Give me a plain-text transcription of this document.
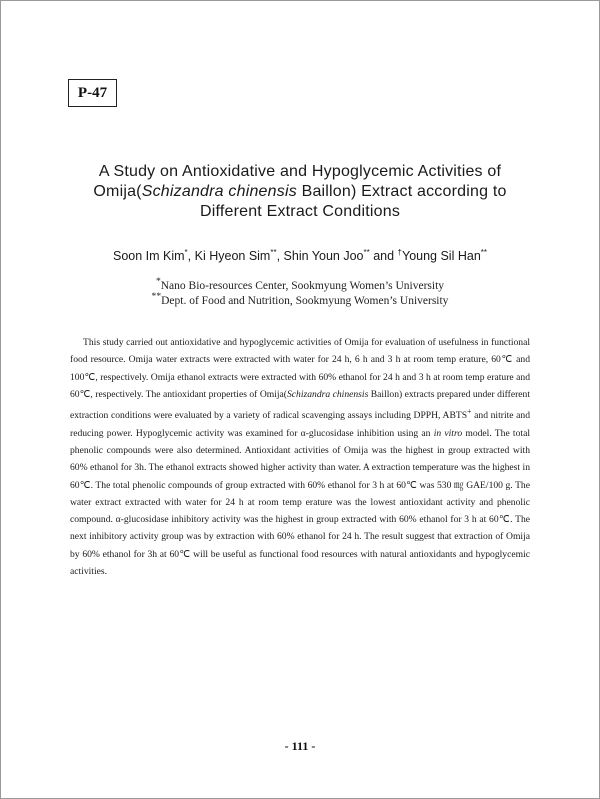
P-47
A Study on Antioxidative and Hypoglycemic Activities of
Omija(Schizandra chinensis Baillon) Extract according to
Different Extract Conditions
Soon Im Kim*, Ki Hyeon Sim**, Shin Youn Joo** and †Young Sil Han**
*Nano Bio-resources Center, Sookmyung Women’s University
**Dept. of Food and Nutrition, Sookmyung Women’s University
This study carried out antioxidative and hypoglycemic activities of Omija for evaluation of usefulness in functional food resource. Omija water extracts were extracted with water for 24 h, 6 h and 3 h at room temp erature, 60℃ and 100℃, respectively. Omija ethanol extracts were extracted with 60% ethanol for 24 h and 3 h at room temp erature and 60℃, respectively. The antioxidant properties of Omija(Schizandra chinensis Baillon) extracts prepared under different extraction conditions were evaluated by a variety of radical scavenging assays including DPPH, ABTS+ and nitrite and reducing power. Hypoglycemic activity was examined for α-glucosidase inhibition using an in vitro model. The total phenolic compounds were also determined. Antioxidant activities of Omija was the highest in group extracted with 60% ethanol for 3h. The ethanol extracts showed higher activity than water. A extraction temperature was the highest in 60℃. The total phenolic compounds of group extracted with 60% ethanol for 3 h at 60℃ was 530 ㎎ GAE/100 g. The water extract extracted with water for 24 h at room temp erature was the lowest antioxidant activity and phenolic compound. α-glucosidase inhibitory activity was the highest in group extracted with 60% ethanol for 3 h at 60℃. The next inhibitory activity group was by extraction with 60% ethanol for 24 h. The result suggest that extraction of Omija by 60% ethanol for 3h at 60℃ will be useful as functional food resources with natural antioxidants and hypoglycemic activities.
- 111 -
